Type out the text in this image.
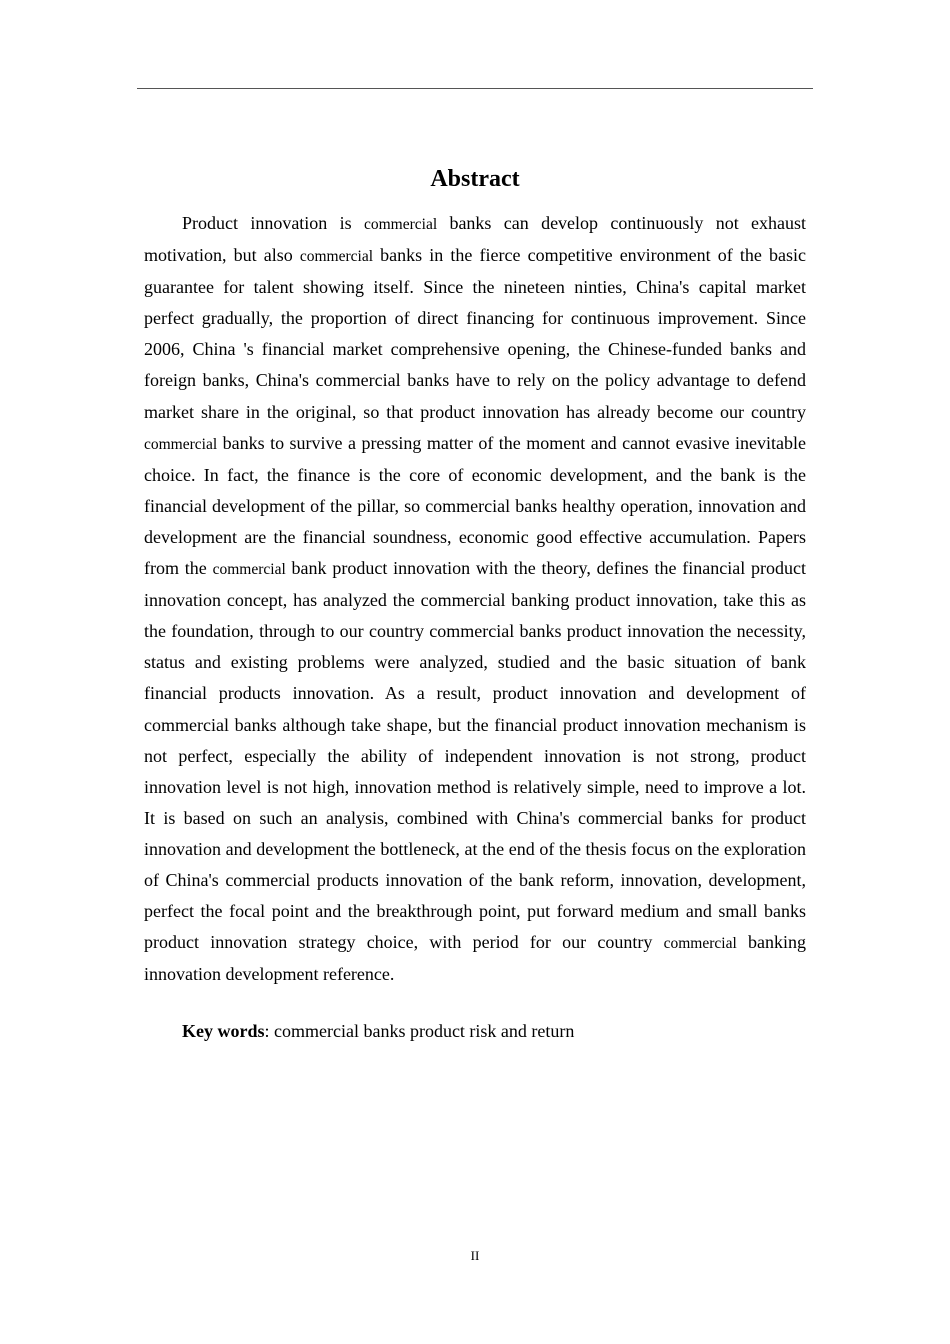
Abstract

Product innovation is commercial banks can develop continuously not exhaust motivation, but also commercial banks in the fierce competitive environment of the basic guarantee for talent showing itself. Since the nineteen ninties, China's capital market perfect gradually, the proportion of direct financing for continuous improvement. Since 2006, China 's financial market comprehensive opening, the Chinese-funded banks and foreign banks, China's commercial banks have to rely on the policy advantage to defend market share in the original, so that product innovation has already become our country commercial banks to survive a pressing matter of the moment and cannot evasive inevitable choice. In fact, the finance is the core of economic development, and the bank is the financial development of the pillar, so commercial banks healthy operation, innovation and development are the financial soundness, economic good effective accumulation. Papers from the commercial bank product innovation with the theory, defines the financial product innovation concept, has analyzed the commercial banking product innovation, take this as the foundation, through to our country commercial banks product innovation the necessity, status and existing problems were analyzed, studied and the basic situation of bank financial products innovation. As a result, product innovation and development of commercial banks although take shape, but the financial product innovation mechanism is not perfect, especially the ability of independent innovation is not strong, product innovation level is not high, innovation method is relatively simple, need to improve a lot. It is based on such an analysis, combined with China's commercial banks for product innovation and development the bottleneck, at the end of the thesis focus on the exploration of China's commercial products innovation of the bank reform, innovation, development, perfect the focal point and the breakthrough point, put forward medium and small banks product innovation strategy choice, with period for our country commercial banking innovation development reference.

Key words: commercial banks product risk and return

II
